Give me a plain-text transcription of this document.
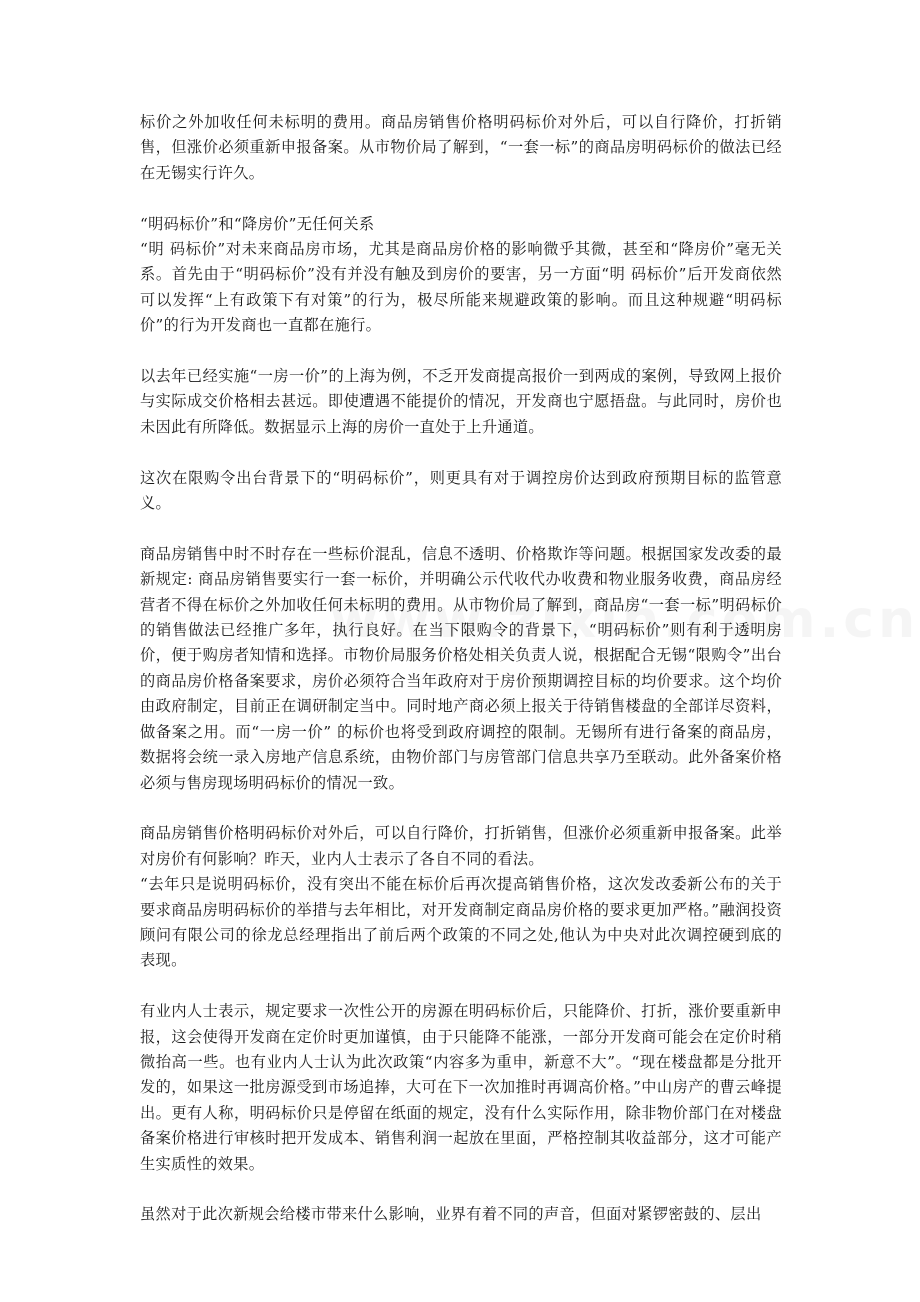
标价之外加收任何未标明的费用。商品房销售价格明码标价对外后，可以自行降价，打折销售，但涨价必须重新申报备案。从市物价局了解到，“一套一标”的商品房明码标价的做法已经在无锡实行许久。

“明码标价”和“降房价”无任何关系

“明 码标价”对未来商品房市场，尤其是商品房价格的影响微乎其微，甚至和“降房价”毫无关系。首先由于“明码标价”没有并没有触及到房价的要害，另一方面“明 码标价”后开发商依然可以发挥“上有政策下有对策”的行为，极尽所能来规避政策的影响。而且这种规避“明码标价”的行为开发商也一直都在施行。

以去年已经实施“一房一价”的上海为例，不乏开发商提高报价一到两成的案例，导致网上报价与实际成交价格相去甚远。即使遭遇不能提价的情况，开发商也宁愿捂盘。与此同时，房价也未因此有所降低。数据显示上海的房价一直处于上升通道。

这次在限购令出台背景下的“明码标价”，则更具有对于调控房价达到政府预期目标的监管意义。

商品房销售中时不时存在一些标价混乱，信息不透明、价格欺诈等问题。根据国家发改委的最新规定: 商品房销售要实行一套一标价，并明确公示代收代办收费和物业服务收费，商品房经营者不得在标价之外加收任何未标明的费用。从市物价局了解到，商品房“一套一标”明码标价的销售做法已经推广多年，执行良好。在当下限购令的背景下，“明码标价”则有利于透明房价，便于购房者知情和选择。市物价局服务价格处相关负责人说，根据配合无锡“限购令”出台的商品房价格备案要求，房价必须符合当年政府对于房价预期调控目标的均价要求。这个均价由政府制定，目前正在调研制定当中。同时地产商必须上报关于待销售楼盘的全部详尽资料，做备案之用。而“一房一价” 的标价也将受到政府调控的限制。无锡所有进行备案的商品房，数据将会统一录入房地产信息系统，由物价部门与房管部门信息共享乃至联动。此外备案价格必须与售房现场明码标价的情况一致。

商品房销售价格明码标价对外后，可以自行降价，打折销售，但涨价必须重新申报备案。此举对房价有何影响？昨天，业内人士表示了各自不同的看法。

“去年只是说明码标价，没有突出不能在标价后再次提高销售价格，这次发改委新公布的关于要求商品房明码标价的举措与去年相比，对开发商制定商品房价格的要求更加严格。”融润投资顾问有限公司的徐龙总经理指出了前后两个政策的不同之处,他认为中央对此次调控硬到底的表现。

有业内人士表示，规定要求一次性公开的房源在明码标价后，只能降价、打折，涨价要重新申报，这会使得开发商在定价时更加谨慎，由于只能降不能涨，一部分开发商可能会在定价时稍微抬高一些。也有业内人士认为此次政策“内容多为重申，新意不大”。“现在楼盘都是分批开发的，如果这一批房源受到市场追捧，大可在下一次加推时再调高价格。”中山房产的曹云峰提出。更有人称，明码标价只是停留在纸面的规定，没有什么实际作用，除非物价部门在对楼盘备案价格进行审核时把开发成本、销售利润一起放在里面，严格控制其收益部分，这才可能产生实质性的效果。

虽然对于此次新规会给楼市带来什么影响，业界有着不同的声音，但面对紧锣密鼓的、层出
